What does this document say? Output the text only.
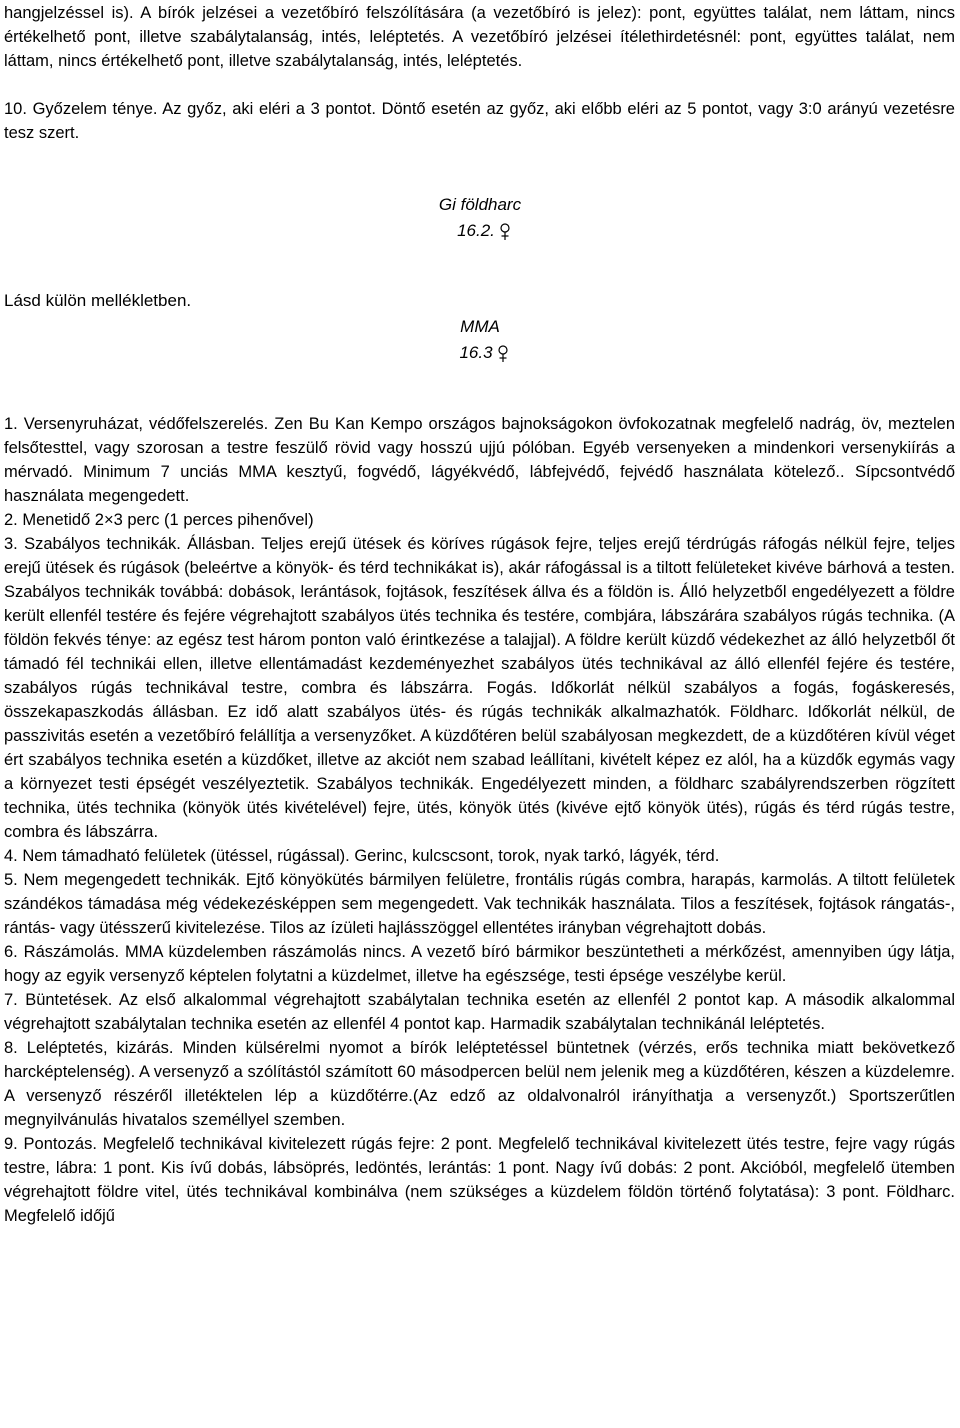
hangjelzéssel is). A bírók jelzései a vezetőbíró felszólítására (a vezetőbíró is jelez): pont, együttes találat, nem láttam, nincs értékelhető pont, illetve szabálytalanság, intés, leléptetés. A vezetőbíró jelzései ítélethirdetésnél: pont, együttes találat, nem láttam, nincs értékelhető pont, illetve szabálytalanság, intés, leléptetés.

10. Győzelem ténye. Az győz, aki eléri a 3 pontot. Döntő esetén az győz, aki előbb eléri az 5 pontot, vagy 3:0 arányú vezetésre tesz szert.

Gi földharc
16.2.
Lásd külön mellékletben.
MMA
16.3

1. Versenyruházat, védőfelszerelés. Zen Bu Kan Kempo országos bajnokságokon övfokozatnak megfelelő nadrág, öv, meztelen felsőtesttel, vagy szorosan a testre feszülő rövid vagy hosszú ujjú pólóban. Egyéb versenyeken a mindenkori versenykiírás a mérvadó. Minimum 7 unciás MMA kesztyű, fogvédő, lágyékvédő, lábfejvédő, fejvédő használata kötelező.. Sípcsontvédő használata megengedett.

2. Menetidő 2×3 perc (1 perces pihenővel)

3. Szabályos technikák. Állásban. Teljes erejű ütések és köríves rúgások fejre, teljes erejű térdrúgás ráfogás nélkül fejre, teljes erejű ütések és rúgások (beleértve a könyök- és térd technikákat is), akár ráfogással is a tiltott felületeket kivéve bárhová a testen. Szabályos technikák továbbá: dobások, lerántások, fojtások, feszítések állva és a földön is. Álló helyzetből engedélyezett a földre került ellenfél testére és fejére végrehajtott szabályos ütés technika és testére, combjára, lábszárára szabályos rúgás technika. (A földön fekvés ténye: az egész test három ponton való érintkezése a talajjal). A földre került küzdő védekezhet az álló helyzetből őt támadó fél technikái ellen, illetve ellentámadást kezdeményezhet szabályos ütés technikával az álló ellenfél fejére és testére, szabályos rúgás technikával testre, combra és lábszárra. Fogás. Időkorlát nélkül szabályos a fogás, fogáskeresés, összekapaszkodás állásban. Ez idő alatt szabályos ütés- és rúgás technikák alkalmazhatók. Földharc. Időkorlát nélkül, de passzivitás esetén a vezetőbíró felállítja a versenyzőket. A küzdőtéren belül szabályosan megkezdett, de a küzdőtéren kívül véget ért szabályos technika esetén a küzdőket, illetve az akciót nem szabad leállítani, kivételt képez ez alól, ha a küzdők egymás vagy a környezet testi épségét veszélyeztetik. Szabályos technikák. Engedélyezett minden, a földharc szabályrendszerben rögzített technika, ütés technika (könyök ütés kivételével) fejre, ütés, könyök ütés (kivéve ejtő könyök ütés), rúgás és térd rúgás testre, combra és lábszárra.

4. Nem támadható felületek (ütéssel, rúgással). Gerinc, kulcscsont, torok, nyak tarkó, lágyék, térd.

5. Nem megengedett technikák. Ejtő könyökütés bármilyen felületre, frontális rúgás combra, harapás, karmolás. A tiltott felületek szándékos támadása még védekezésképpen sem megengedett. Vak technikák használata. Tilos a feszítések, fojtások rángatás-, rántás- vagy ütésszerű kivitelezése. Tilos az ízületi hajlásszöggel ellentétes irányban végrehajtott dobás.

6. Rászámolás. MMA küzdelemben rászámolás nincs. A vezető bíró bármikor beszüntetheti a mérkőzést, amennyiben úgy látja, hogy az egyik versenyző képtelen folytatni a küzdelmet, illetve ha egészsége, testi épsége veszélybe kerül.

7. Büntetések. Az első alkalommal végrehajtott szabálytalan technika esetén az ellenfél 2 pontot kap. A második alkalommal végrehajtott szabálytalan technika esetén az ellenfél 4 pontot kap. Harmadik szabálytalan technikánál leléptetés.

8. Leléptetés, kizárás. Minden külsérelmi nyomot a bírók leléptetéssel büntetnek (vérzés, erős technika miatt bekövetkező harcképtelenség). A versenyző a szólítástól számított 60 másodpercen belül nem jelenik meg a küzdőtéren, készen a küzdelemre. A versenyző részéről illetéktelen lép a küzdőtérre.(Az edző az oldalvonalról irányíthatja a versenyzőt.) Sportszerűtlen megnyilvánulás hivatalos személlyel szemben.

9. Pontozás. Megfelelő technikával kivitelezett rúgás fejre: 2 pont. Megfelelő technikával kivitelezett ütés testre, fejre vagy rúgás testre, lábra: 1 pont. Kis ívű dobás, lábsöprés, ledöntés, lerántás: 1 pont. Nagy ívű dobás: 2 pont. Akcióból, megfelelő ütemben végrehajtott földre vitel, ütés technikával kombinálva (nem szükséges a küzdelem földön történő folytatása): 3 pont. Földharc. Megfelelő időjű
